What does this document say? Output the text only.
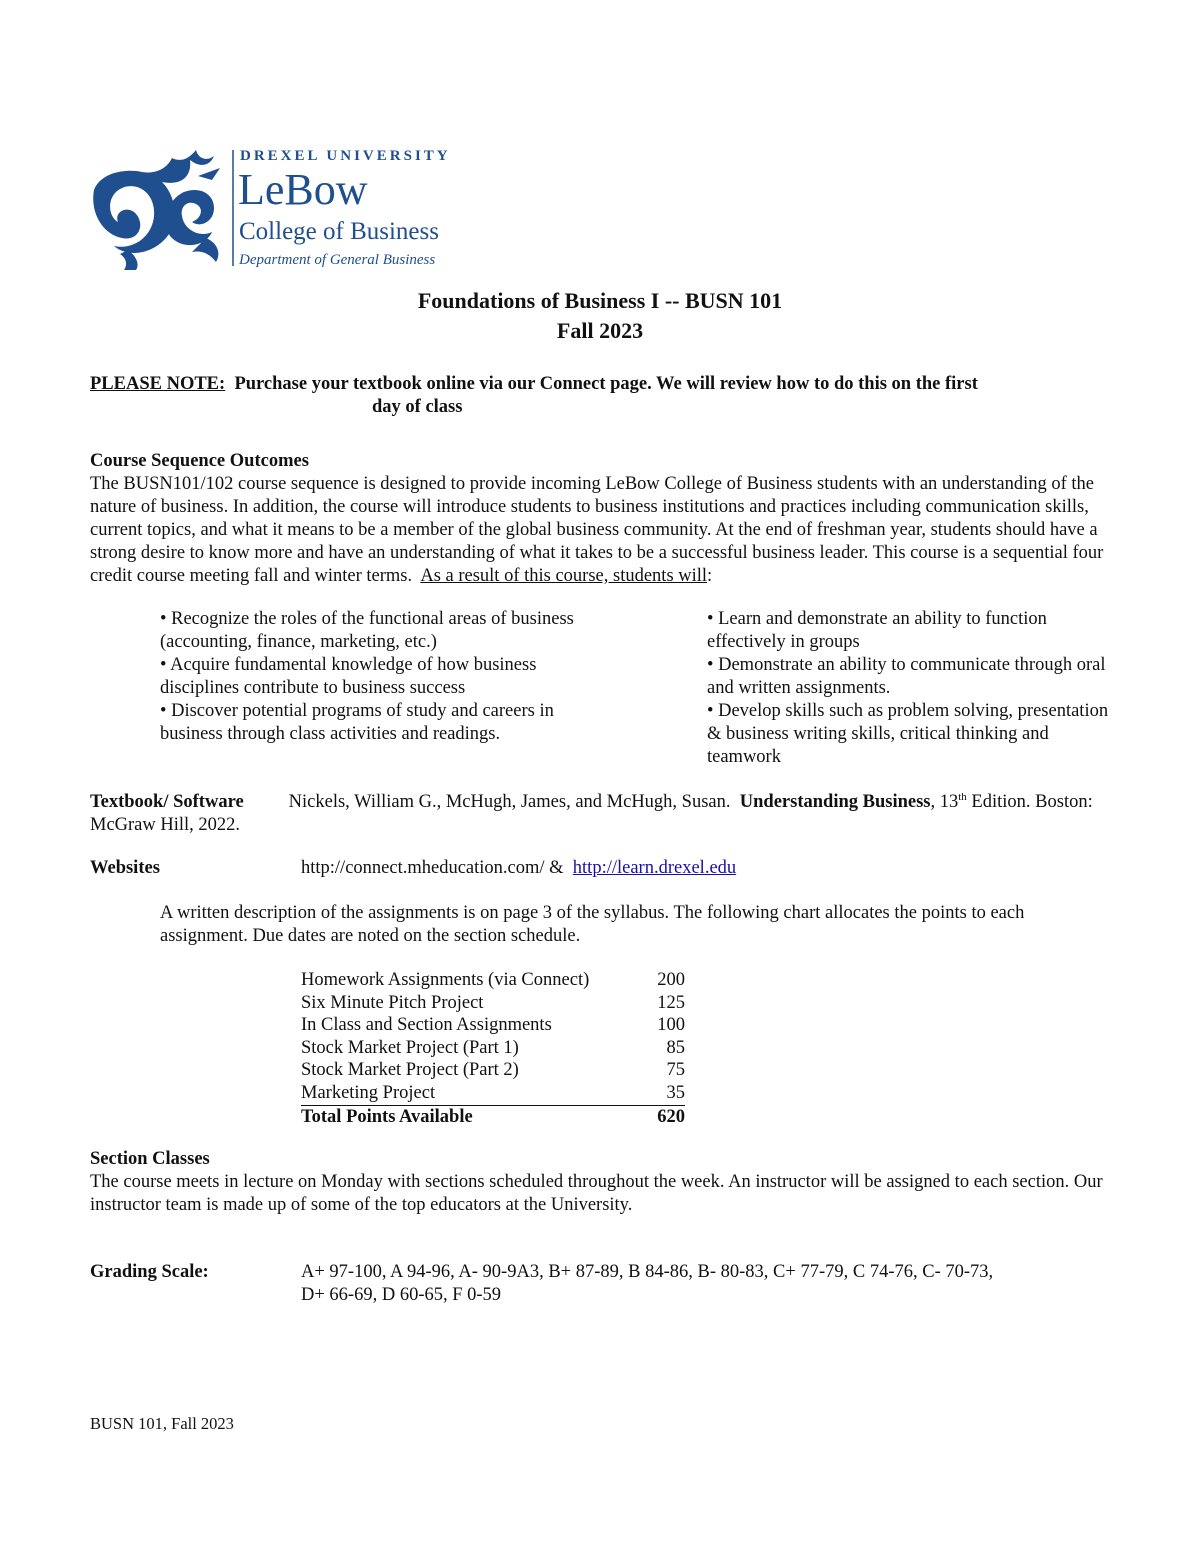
DREXEL UNIVERSITY
LeBow
College of Business
Department of General Business
Foundations of Business I -- BUSN 101
Fall 2023
PLEASE NOTE: Purchase your textbook online via our Connect page. We will review how to do this on the first
day of class
Course Sequence Outcomes
The BUSN101/102 course sequence is designed to provide incoming LeBow College of Business students with an understanding of the nature of business. In addition, the course will introduce students to business institutions and practices including communication skills, current topics, and what it means to be a member of the global business community. At the end of freshman year, students should have a strong desire to know more and have an understanding of what it takes to be a successful business leader. This course is a sequential four credit course meeting fall and winter terms. As a result of this course, students will:

• Recognize the roles of the functional areas of business (accounting, finance, marketing, etc.)

• Acquire fundamental knowledge of how business disciplines contribute to business success

• Discover potential programs of study and careers in business through class activities and readings.

• Learn and demonstrate an ability to function effectively in groups

• Demonstrate an ability to communicate through oral and written assignments.

• Develop skills such as problem solving, presentation & business writing skills, critical thinking and teamwork

Textbook/ Software Nickels, William G., McHugh, James, and McHugh, Susan. Understanding Business, 13th Edition. Boston: McGraw Hill, 2022.
Websites	http://connect.mheducation.com/ & http://learn.drexel.edu
A written description of the assignments is on page 3 of the syllabus. The following chart allocates the points to each assignment. Due dates are noted on the section schedule.
Homework Assignments (via Connect)	200
Six Minute Pitch Project	125
In Class and Section Assignments	100
Stock Market Project (Part 1)	85
Stock Market Project (Part 2)	75
Marketing Project	35
Total Points Available	620
Section Classes
The course meets in lecture on Monday with sections scheduled throughout the week. An instructor will be assigned to each section. Our instructor team is made up of some of the top educators at the University.
Grading Scale:	A+ 97-100, A 94-96, A- 90-9A3, B+ 87-89, B 84-86, B- 80-83, C+ 77-79, C 74-76, C- 70-73,
D+ 66-69, D 60-65, F 0-59
BUSN 101, Fall 2023
